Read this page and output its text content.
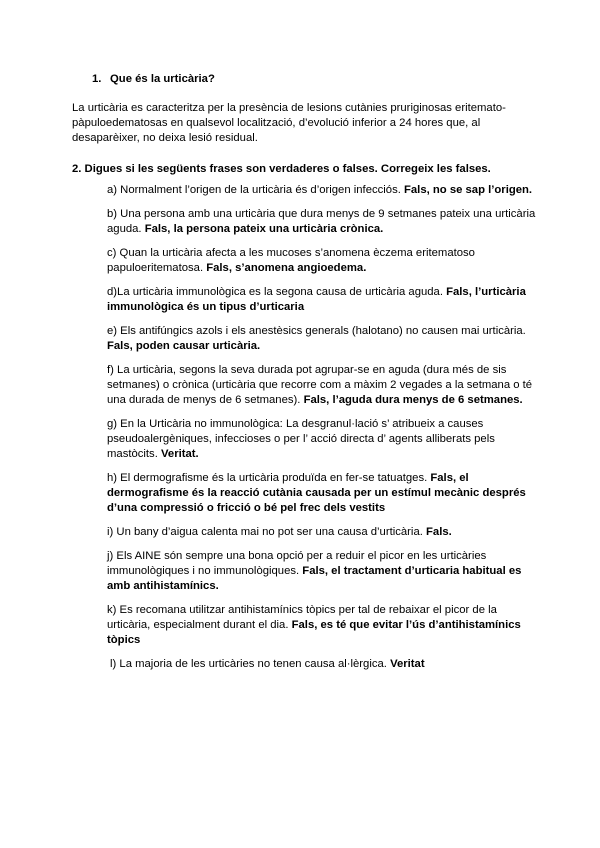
1. Que és la urticària?
La urticària es caracteritza per la presència de lesions cutànies pruriginosas eritemato-pàpuloedematosas en qualsevol localització, d’evolució inferior a 24 hores que, al desaparèixer, no deixa lesió residual.
2. Digues si les següents frases son verdaderes o falses. Corregeix les falses.
a) Normalment l’origen de la urticària és d’origen infecciós. Fals, no se sap l’origen.
b) Una persona amb una urticària que dura menys de 9 setmanes pateix una urticària aguda. Fals, la persona pateix una urticària crònica.
c) Quan la urticària afecta a les mucoses s’anomena èczema eritematoso papuloeritematosa. Fals, s’anomena angioedema.
d)La urticària immunològica es la segona causa de urticària aguda. Fals, l’urticària immunològica és un tipus d’urticaria
e) Els antifúngics azols i els anestèsics generals (halotano) no causen mai urticària. Fals, poden causar urticària.
f) La urticària, segons la seva durada pot agrupar-se en aguda (dura més de sis setmanes) o crònica (urticària que recorre com a màxim 2 vegades a la setmana o té una durada de menys de 6 setmanes). Fals, l’aguda dura menys de 6 setmanes.
g) En la Urticària no immunològica: La desgranul·lació s’ atribueix a causes pseudoalergèniques, infeccioses o per l’ acció directa d’ agents alliberats pels mastòcits. Veritat.
h) El dermografisme és la urticària produïda en fer-se tatuatges. Fals, el dermografisme és la reacció cutània causada per un estímul mecànic després d’una compressió o fricció o bé pel frec dels vestits
i) Un bany d’aigua calenta mai no pot ser una causa d’urticària. Fals.
j) Els AINE són sempre una bona opció per a reduir el picor en les urticàries immunològiques i no immunològiques. Fals, el tractament d’urticaria habitual es amb antihistamínics.
k) Es recomana utilitzar antihistamínics tòpics per tal de rebaixar el picor de la urticària, especialment durant el dia. Fals, es té que evitar l’ús d’antihistamínics tòpics
l) La majoria de les urticàries no tenen causa al·lèrgica. Veritat
